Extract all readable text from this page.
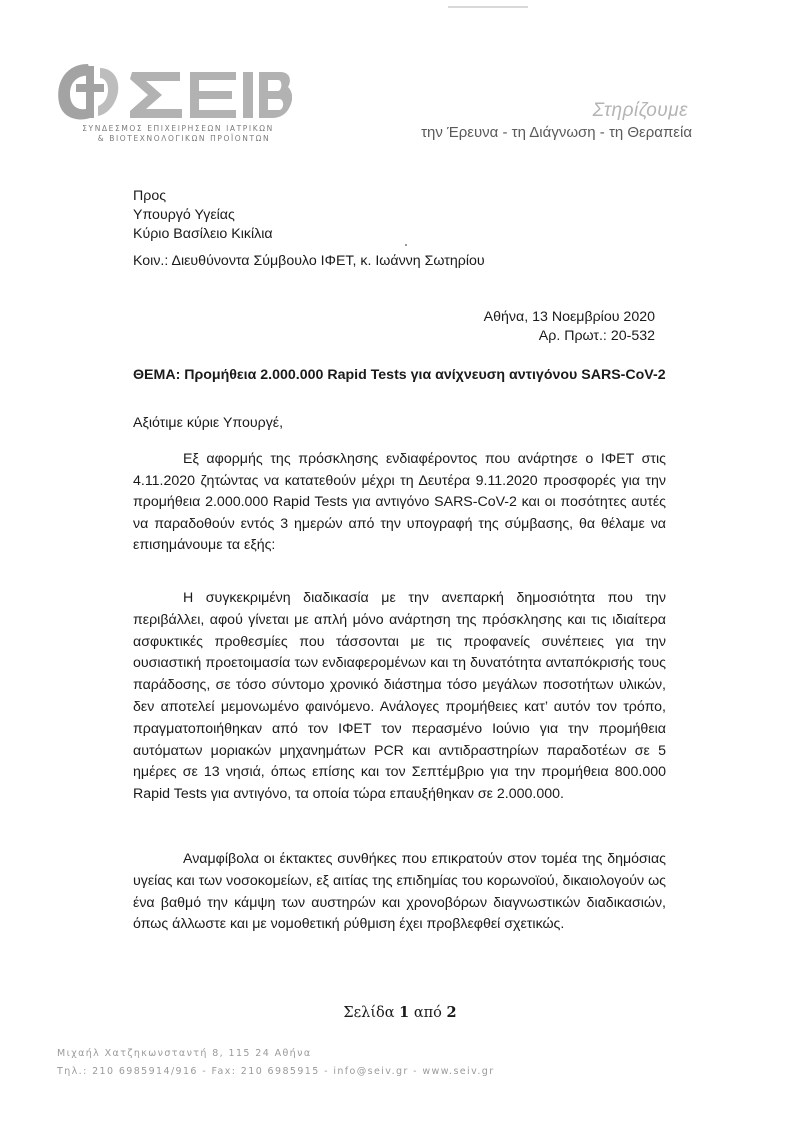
ΣΥΝΔΕΣΜΟΣ ΕΠΙΧΕΙΡΗΣΕΩΝ ΙΑΤΡΙΚΩΝ
& ΒΙΟΤΕΧΝΟΛΟΓΙΚΩΝ ΠΡΟΪΟΝΤΩΝ
Στηρίζουμε
την Έρευνα - τη Διάγνωση - τη Θεραπεία
Προς
Υπουργό Υγείας
Κύριο Βασίλειο Κικίλια
Κοιν.: Διευθύνοντα Σύμβουλο ΙΦΕΤ, κ. Ιωάννη Σωτηρίου
Αθήνα, 13 Νοεμβρίου 2020
Αρ. Πρωτ.: 20-532
ΘΕΜΑ: Προμήθεια 2.000.000 Rapid Tests για ανίχνευση αντιγόνου SARS-CoV-2
Αξιότιμε κύριε Υπουργέ,
Εξ αφορμής της πρόσκλησης ενδιαφέροντος που ανάρτησε ο ΙΦΕΤ στις 4.11.2020 ζητώντας να κατατεθούν μέχρι τη Δευτέρα 9.11.2020 προσφορές για την προμήθεια 2.000.000 Rapid Tests για αντιγόνο SARS-CoV-2 και οι ποσότητες αυτές να παραδοθούν εντός 3 ημερών από την υπογραφή της σύμβασης, θα θέλαμε να επισημάνουμε τα εξής:
Η συγκεκριμένη διαδικασία με την ανεπαρκή δημοσιότητα που την περιβάλλει, αφού γίνεται με απλή μόνο ανάρτηση της πρόσκλησης και τις ιδιαίτερα ασφυκτικές προθεσμίες που τάσσονται με τις προφανείς συνέπειες για την ουσιαστική προετοιμασία των ενδιαφερομένων και τη δυνατότητα ανταπόκρισής τους παράδοσης, σε τόσο σύντομο χρονικό διάστημα τόσο μεγάλων ποσοτήτων υλικών, δεν αποτελεί μεμονωμένο φαινόμενο. Ανάλογες προμήθειες κατ’ αυτόν τον τρόπο, πραγματοποιήθηκαν από τον ΙΦΕΤ τον περασμένο Ιούνιο για την προμήθεια αυτόματων μοριακών μηχανημάτων PCR και αντιδραστηρίων παραδοτέων σε 5 ημέρες σε 13 νησιά, όπως επίσης και τον Σεπτέμβριο για την προμήθεια 800.000 Rapid Tests για αντιγόνο, τα οποία τώρα επαυξήθηκαν σε 2.000.000.
Αναμφίβολα οι έκτακτες συνθήκες που επικρατούν στον τομέα της δημόσιας υγείας και των νοσοκομείων, εξ αιτίας της επιδημίας του κορωνοϊού, δικαιολογούν ως ένα βαθμό την κάμψη των αυστηρών και χρονοβόρων διαγνωστικών διαδικασιών, όπως άλλωστε και με νομοθετική ρύθμιση έχει προβλεφθεί σχετικώς.
Σελίδα 1 από 2
Μιχαήλ Χατζηκωνσταντή 8, 115 24 Αθήνα
Τηλ.: 210 6985914/916 - Fax: 210 6985915 - info@seiv.gr - www.seiv.gr
